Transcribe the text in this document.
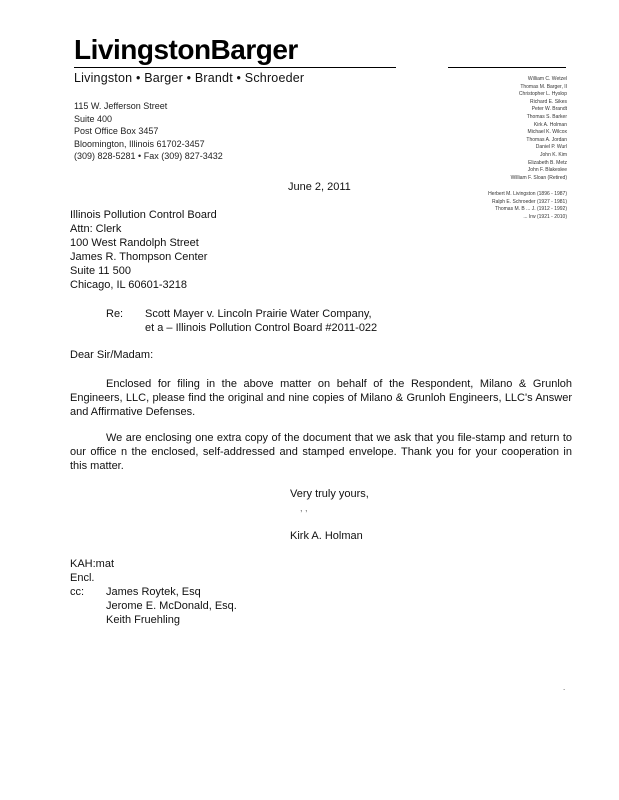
LivingstonBarger
Livingston • Barger • Brandt • Schroeder
115 W. Jefferson Street
Suite 400
Post Office Box 3457
Bloomington, Illinois 61702-3457
(309) 828-5281 • Fax (309) 827-3432
William C. Wetzel
Thomas M. Barger, II
Christopher L. Hyslop
Richard E. Sikes
Peter W. Brandt
Thomas S. Barker
Kirk A. Holman
Michael K. Wilcox
Thomas A. Jordan
Daniel P. Wurl
John K. Kim
Elizabeth B. Metz
John F. Blakeslee
William F. Sloan (Retired)
Herbert M. Livingston (1896 - 1987)
Ralph E. Schroeder (1927 - 1981)
Thomas M. B ... J. (1912 - 1992)
... Irw (1921 - 2010)
June 2, 2011
Illinois Pollution Control Board
Attn: Clerk
100 West Randolph Street
James R. Thompson Center
Suite 11 500
Chicago, IL 60601-3218
Re: Scott Mayer v. Lincoln Prairie Water Company,
et a – Illinois Pollution Control Board #2011-022
Dear Sir/Madam:
Enclosed for filing in the above matter on behalf of the Respondent, Milano & Grunloh Engineers, LLC, please find the original and nine copies of Milano & Grunloh Engineers, LLC's Answer and Affirmative Defenses.
We are enclosing one extra copy of the document that we ask that you file-stamp and return to our office n the enclosed, self-addressed and stamped envelope. Thank you for your cooperation in this matter.
Very truly yours,
, ,
Kirk A. Holman
KAH:mat
Encl.
cc: James Roytek, Esq
Jerome E. McDonald, Esq.
Keith Fruehling
.
